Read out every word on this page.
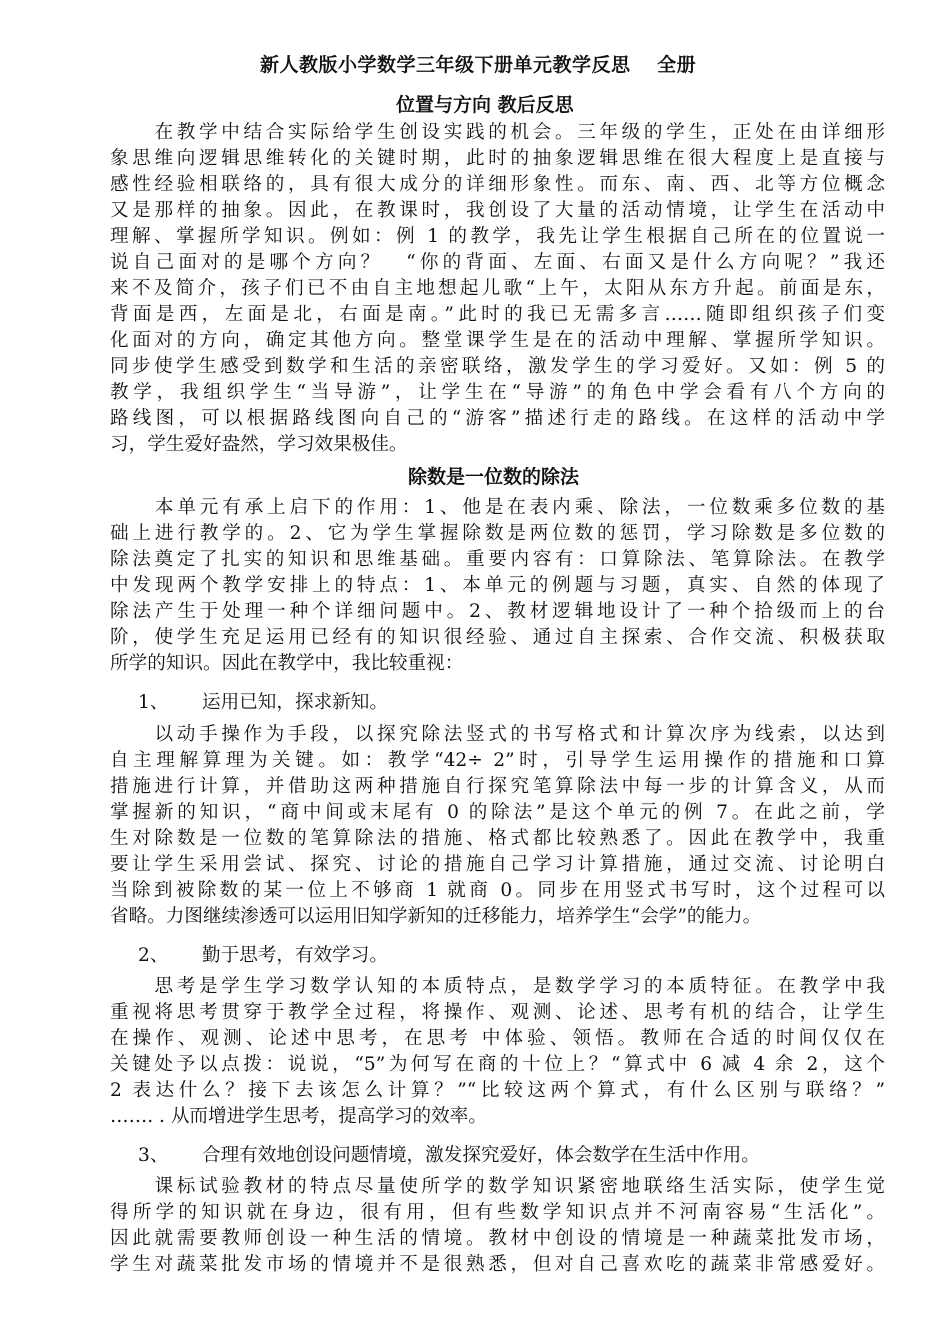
新人教版小学数学三年级下册单元教学反思　 全册
位置与方向 教后反思
　　在教学中结合实际给学生创设实践的机会。三年级的学生，正处在由详细形
象思维向逻辑思维转化的关键时期，此时的抽象逻辑思维在很大程度上是直接与
感性经验相联络的，具有很大成分的详细形象性。而东、南、西、北等方位概念
又是那样的抽象。因此，在教课时，我创设了大量的活动情境，让学生在活动中
理解、掌握所学知识。例如：例 1 的教学，我先让学生根据自己所在的位置说一
说自己面对的是哪个方向？　“你的背面、左面、右面又是什么方向呢？”我还
来不及简介，孩子们已不由自主地想起儿歌“上午，太阳从东方升起。前面是东，
背面是西，左面是北，右面是南。”此时的我已无需多言……随即组织孩子们变
化面对的方向，确定其他方向。整堂课学生是在的活动中理解、掌握所学知识。
同步使学生感受到数学和生活的亲密联络，激发学生的学习爱好。又如：例 5 的
教学，我组织学生“当导游”，让学生在“导游”的角色中学会看有八个方向的
路线图，可以根据路线图向自己的“游客”描述行走的路线。在这样的活动中学
习，学生爱好盎然，学习效果极佳。
除数是一位数的除法
　　本单元有承上启下的作用：1、他是在表内乘、除法，一位数乘多位数的基
础上进行教学的。2、它为学生掌握除数是两位数的惩罚，学习除数是多位数的
除法奠定了扎实的知识和思维基础。重要内容有：口算除法、笔算除法。在教学
中发现两个教学安排上的特点：1、本单元的例题与习题，真实、自然的体现了
除法产生于处理一种个详细问题中。2、教材逻辑地设计了一种个拾级而上的台
阶，使学生充足运用已经有的知识很经验、通过自主探索、合作交流、积极获取
所学的知识。因此在教学中，我比较重视：
1、 运用已知，探求新知。
　　以动手操作为手段，以探究除法竖式的书写格式和计算次序为线索，以达到
自主理解算理为关键。如：教学“42÷ 2”时，引导学生运用操作的措施和口算
措施进行计算，并借助这两种措施自行探究笔算除法中每一步的计算含义，从而
掌握新的知识，“商中间或末尾有 0 的除法”是这个单元的例 7。在此之前，学
生对除数是一位数的笔算除法的措施、格式都比较熟悉了。因此在教学中，我重
要让学生采用尝试、探究、讨论的措施自己学习计算措施，通过交流、讨论明白
当除到被除数的某一位上不够商 1 就商 0。同步在用竖式书写时，这个过程可以
省略。力图继续渗透可以运用旧知学新知的迁移能力，培养学生“会学”的能力。
2、 勤于思考，有效学习。
　　思考是学生学习数学认知的本质特点，是数学学习的本质特征。在教学中我
重视将思考贯穿于教学全过程，将操作、观测、论述、思考有机的结合，让学生
在操作、观测、论述中思考，在思考 中体验、领悟。教师在合适的时间仅仅在
关键处予以点拨：说说，“5”为何写在商的十位上？“算式中 6 减 4 余 2，这个
2 表达什么？接下去该怎么计算？”“比较这两个算式，有什么区别与联络？”
……. . 从而增进学生思考，提高学习的效率。
3、 合理有效地创设问题情境，激发探究爱好，体会数学在生活中作用。
　　课标试验教材的特点尽量使所学的数学知识紧密地联络生活实际，使学生觉
得所学的知识就在身边，很有用，但有些数学知识点并不河南容易“生活化”。
因此就需要教师创设一种生活的情境。教材中创设的情境是一种蔬菜批发市场，
学生对蔬菜批发市场的情境并不是很熟悉，但对自己喜欢吃的蔬菜非常感爱好。
